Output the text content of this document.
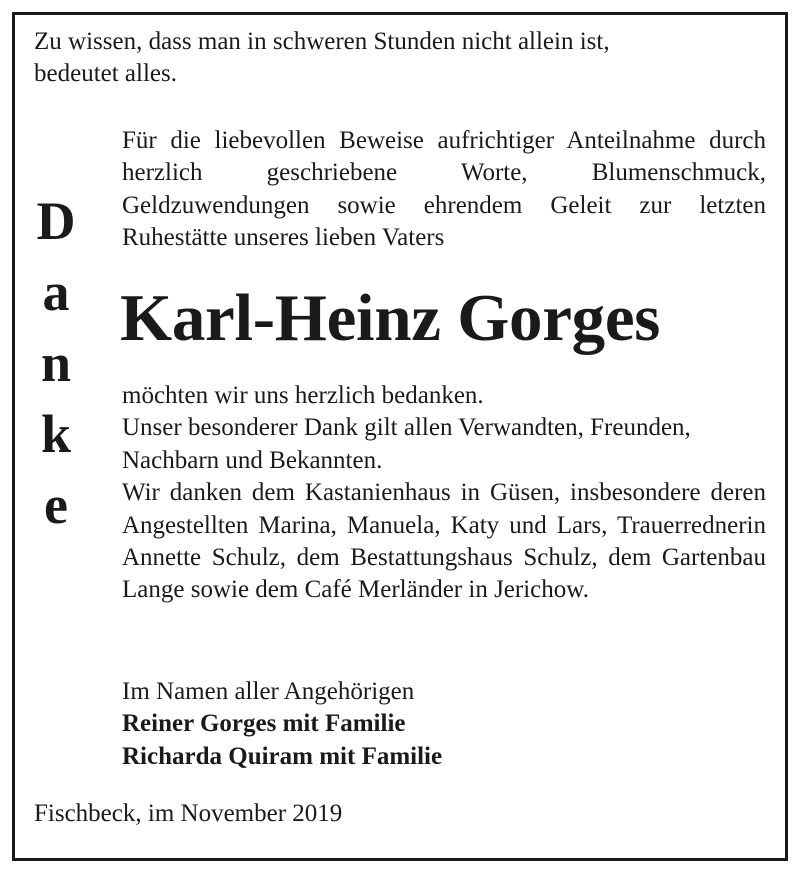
Zu wissen, dass man in schweren Stunden nicht allein ist,
bedeutet alles.
D
a
n
k
e
Für die liebevollen Beweise aufrichtiger Anteilnahme durch herzlich geschriebene Worte, Blumenschmuck, Geldzuwendungen sowie ehrendem Geleit zur letzten Ruhestätte unseres lieben Vaters
Karl-Heinz Gorges
möchten wir uns herzlich bedanken.
Unser besonderer Dank gilt allen Verwandten, Freunden, Nachbarn und Bekannten.
Wir danken dem Kastanienhaus in Güsen, insbesondere deren Angestellten Marina, Manuela, Katy und Lars, Trauerrednerin Annette Schulz, dem Bestattungshaus Schulz, dem Gartenbau Lange sowie dem Café Merländer in Jerichow.
Im Namen aller Angehörigen
Reiner Gorges mit Familie
Richarda Quiram mit Familie
Fischbeck, im November 2019
